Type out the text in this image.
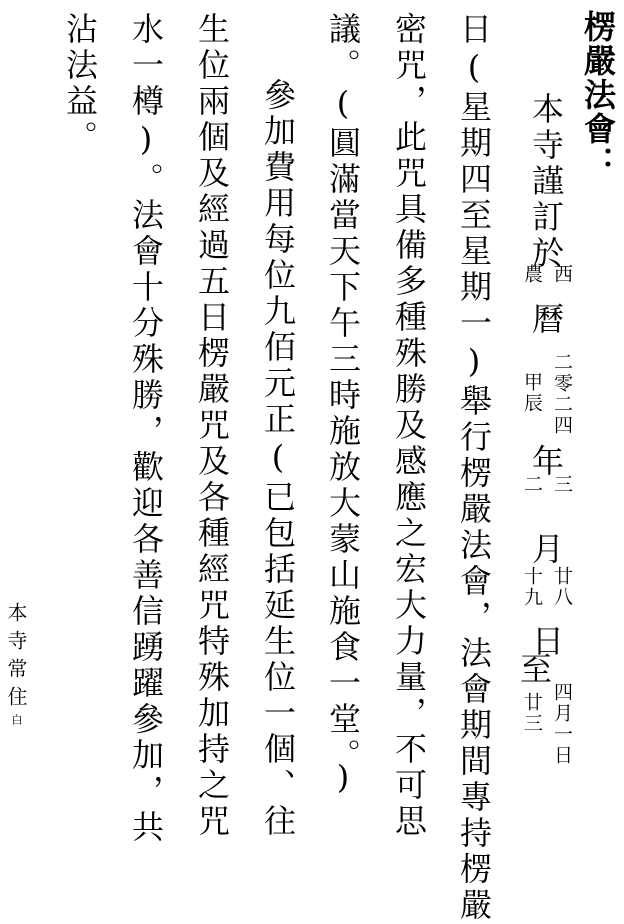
楞嚴法會：
本寺謹訂於
西
農
曆
二零二四
甲辰
年
三
二
月
廿八
十九
日
至
四月一日
廿三
日(星期四至星期一)舉行楞嚴法會，法會期間專持楞嚴
密咒，此咒具備多種殊勝及感應之宏大力量，不可思
議。(圓滿當天下午三時施放大蒙山施食一堂。)
參加費用每位九佰元正(已包括延生位一個、往
生位兩個及經過五日楞嚴咒及各種經咒特殊加持之咒
水一樽)。法會十分殊勝，歡迎各善信踴躍參加，共
沾法益。
本寺常住白
